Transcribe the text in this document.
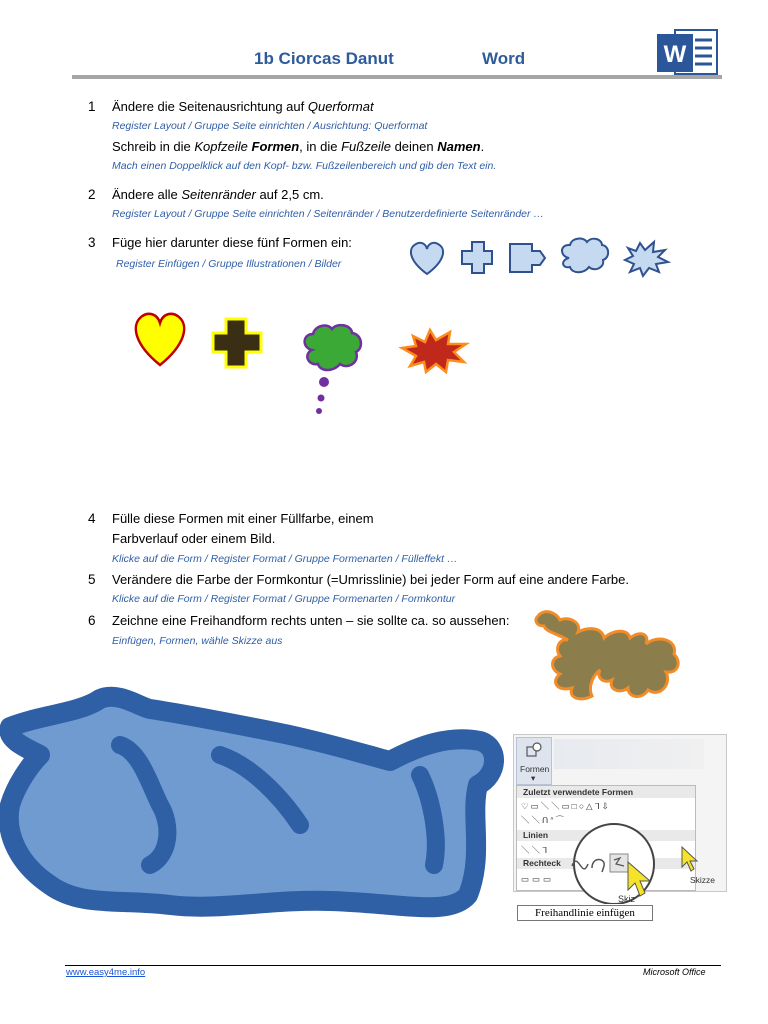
1b Ciorcas Danut	Word	W
1 Ändere die Seitenausrichtung auf Querformat
Register Layout / Gruppe Seite einrichten / Ausrichtung: Querformat
Schreib in die Kopfzeile Formen, in die Fußzeile deinen Namen.
Mach einen Doppelklick auf den Kopf- bzw. Fußzeilenbereich und gib den Text ein.
2 Ändere alle Seitenränder auf 2,5 cm.
Register Layout / Gruppe Seite einrichten / Seitenränder / Benutzerdefinierte Seitenränder …
3 Füge hier darunter diese fünf Formen ein:
Register Einfügen / Gruppe Illustrationen / Bilder
4 Fülle diese Formen mit einer Füllfarbe, einem
Farbverlauf oder einem Bild.
Klicke auf die Form / Register Format / Gruppe Formenarten / Fülleffekt …
5 Verändere die Farbe der Formkontur (=Umrisslinie) bei jeder Form auf eine andere Farbe.
Klicke auf die Form / Register Format / Gruppe Formenarten / Formkontur
6 Zeichne eine Freihandform rechts unten – sie sollte ca. so aussehen:
Einfügen, Formen, wähle Skizze aus
Formen
▾
Zuletzt verwendete Formen
♡▭＼＼▭□○△ᒣ⇩
＼＼ᑎᐢ⌒
Linien
＼＼ᒣ
Rechteck
▭▭▭	Skizze
Skiz
Freihandlinie einfügen
www.easy4me.info	Microsoft Office
